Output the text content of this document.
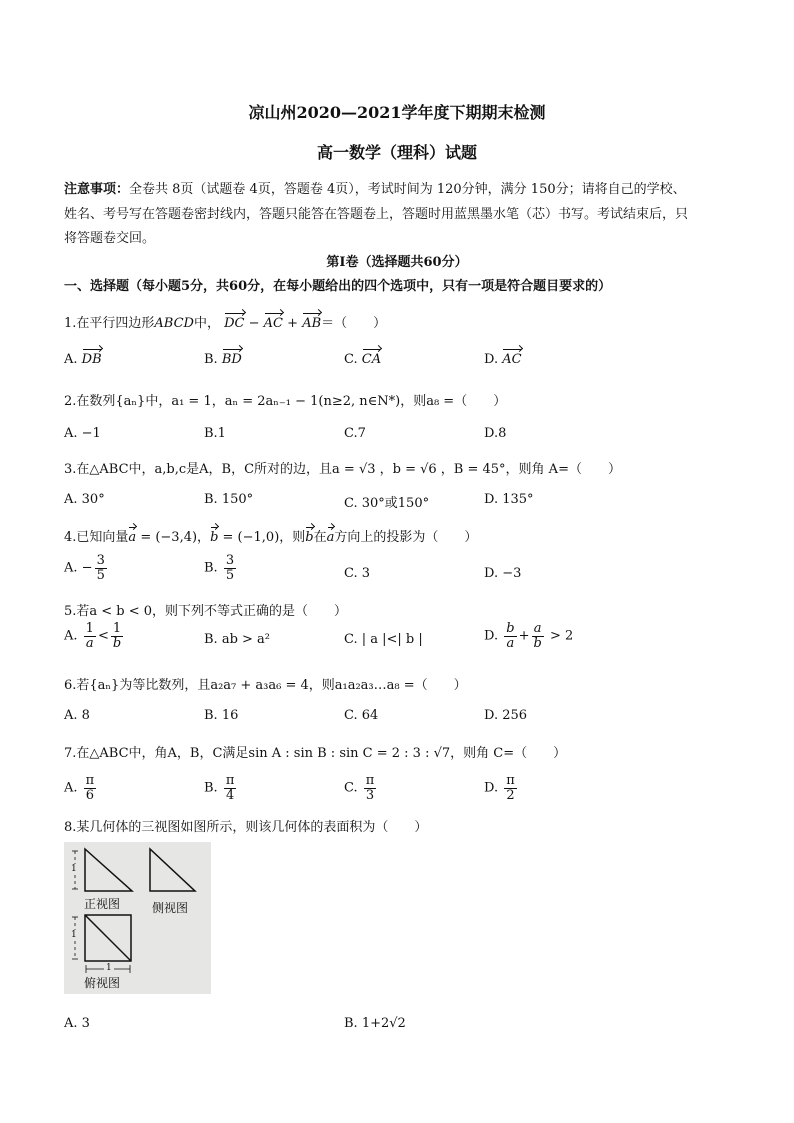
凉山州2020—2021学年度下期期末检测
高一数学（理科）试题
注意事项：全卷共 8页（试题卷 4页，答题卷 4页），考试时间为 120分钟，满分 150分；请将自己的学校、
姓名、考号写在答题卷密封线内，答题只能答在答题卷上，答题时用蓝黑墨水笔（芯）书写。考试结束后，只
将答题卷交回。
第Ⅰ卷（选择题共60分）
一、选择题（每小题5分，共60分，在每小题给出的四个选项中，只有一项是符合题目要求的）
1.在平行四边形ABCD中， DC − AC + AB＝（　　）
A. DB	B. BD	C. CA	D. AC
2.在数列{aₙ}中，a₁ = 1，aₙ = 2aₙ₋₁ − 1(n≥2, n∈N*)，则a₈ =（　　）
A. −1	B.1	C.7	D.8
3.在△ABC中，a,b,c是A，B，C所对的边，且a = √3 ，b = √6 ，B = 45°，则角 A=（　　）
A. 30°	B. 150°	C. 30°或150°	D. 135°
4.已知向量a = (−3,4)，b = (−1,0)，则b在a方向上的投影为（　　）
A. − $\frac{3}{5}$	B. $\frac{3}{5}$	C. 3	D. −3
5.若a < b < 0，则下列不等式正确的是（　　）
A. $\frac{1}{a} < \frac{1}{b}$	B. ab > a²	C. | a |<| b |	D. $\frac{b}{a} + \frac{a}{b} > 2$
6.若{aₙ}为等比数列，且a₂a₇ + a₃a₆ = 4，则a₁a₂a₃…a₈ =（　　）
A. 8	B. 16	C. 64	D. 256
7.在△ABC中，角A，B，C满足sin A : sin B : sin C = 2 : 3 : √7，则角 C=（　　）
A. $\frac{\pi}{6}$	B. $\frac{\pi}{4}$	C. $\frac{\pi}{3}$	D. $\frac{\pi}{2}$
8.某几何体的三视图如图所示，则该几何体的表面积为（　　）
1
1
1
正视图	侧视图
俯视图
A. 3	B. 1+2√2
